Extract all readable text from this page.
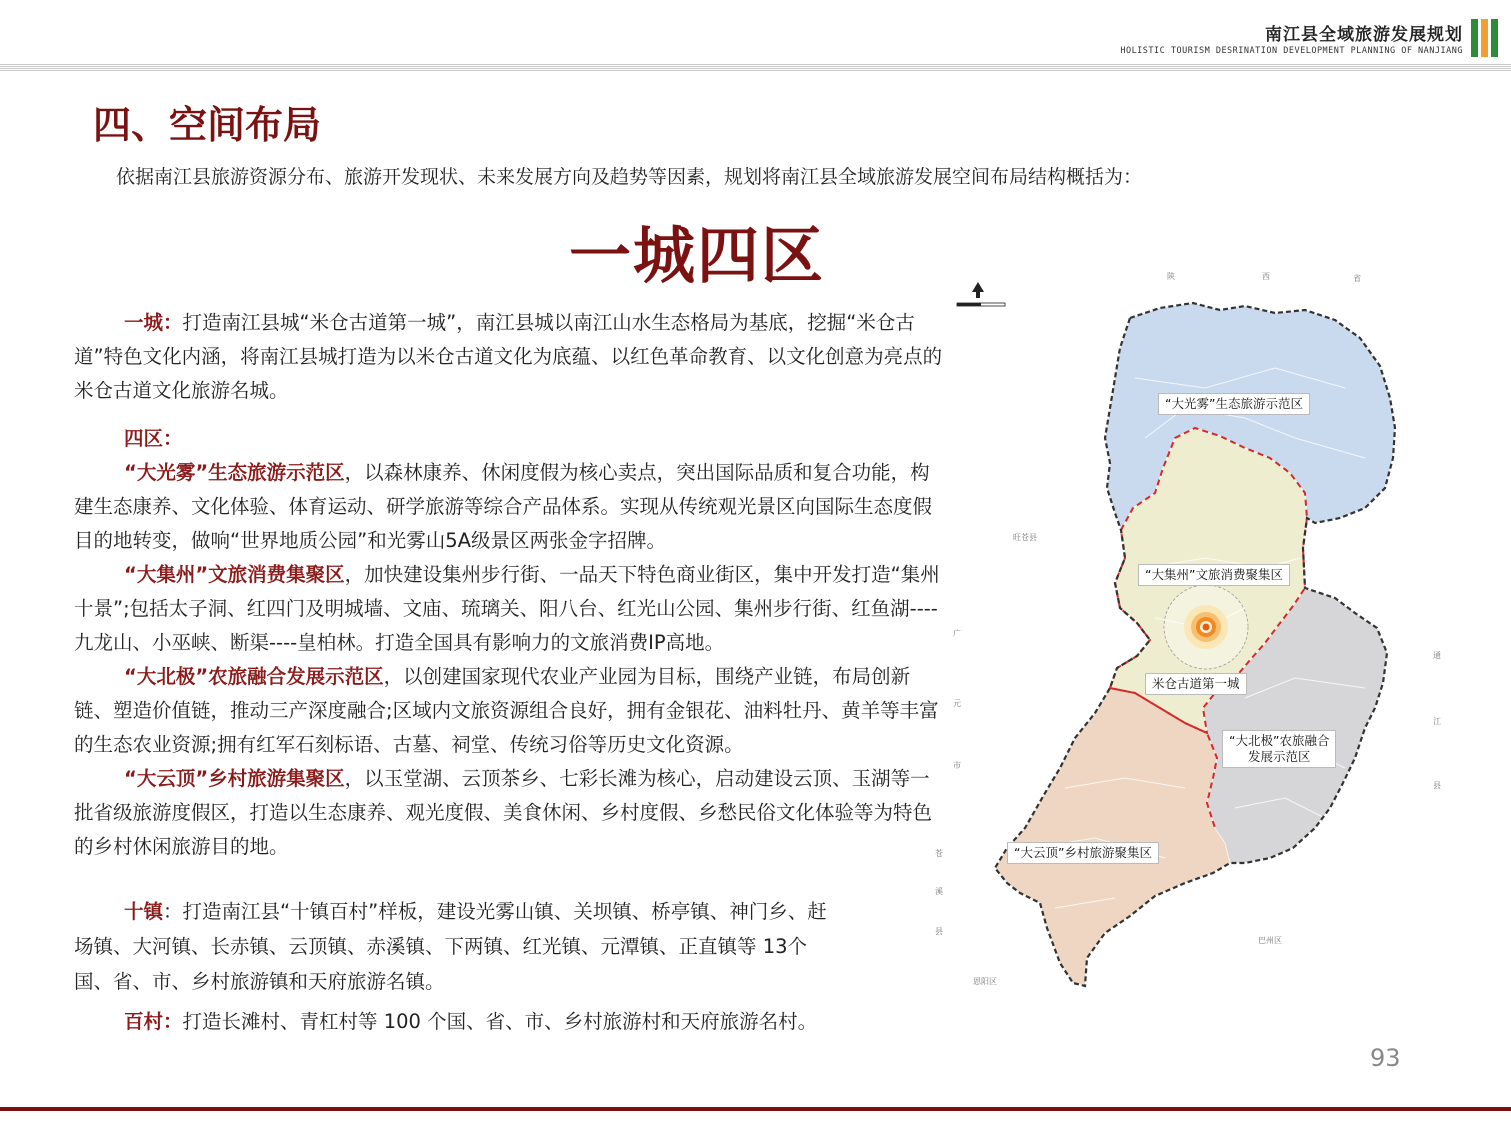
南江县全域旅游发展规划
HOLISTIC TOURISM DESRINATION DEVELOPMENT PLANNING OF NANJIANG
四、空间布局
依据南江县旅游资源分布、旅游开发现状、未来发展方向及趋势等因素，规划将南江县全域旅游发展空间布局结构概括为：
一城四区

一城：打造南江县城“米仓古道第一城”，南江县城以南江山水生态格局为基底，挖掘“米仓古道”特色文化内涵，将南江县城打造为以米仓古道文化为底蕴、以红色革命教育、以文化创意为亮点的米仓古道文化旅游名城。

四区：

“大光雾”生态旅游示范区，以森林康养、休闲度假为核心卖点，突出国际品质和复合功能，构建生态康养、文化体验、体育运动、研学旅游等综合产品体系。实现从传统观光景区向国际生态度假目的地转变，做响“世界地质公园”和光雾山5A级景区两张金字招牌。

“大集州”文旅消费集聚区，加快建设集州步行街、一品天下特色商业街区，集中开发打造“集州十景”;包括太子洞、红四门及明城墙、文庙、琉璃关、阳八台、红光山公园、集州步行街、红鱼湖----九龙山、小巫峡、断渠----皇柏林。打造全国具有影响力的文旅消费IP高地。

“大北极”农旅融合发展示范区，以创建国家现代农业产业园为目标，围绕产业链，布局创新链、塑造价值链，推动三产深度融合;区域内文旅资源组合良好，拥有金银花、油料牡丹、黄羊等丰富的生态农业资源;拥有红军石刻标语、古墓、祠堂、传统习俗等历史文化资源。

“大云顶”乡村旅游集聚区，以玉堂湖、云顶茶乡、七彩长滩为核心，启动建设云顶、玉湖等一批省级旅游度假区，打造以生态康养、观光度假、美食休闲、乡村度假、乡愁民俗文化体验等为特色的乡村休闲旅游目的地。

十镇：打造南江县“十镇百村”样板，建设光雾山镇、关坝镇、桥亭镇、神门乡、赶场镇、大河镇、长赤镇、云顶镇、赤溪镇、下两镇、红光镇、元潭镇、正直镇等 13个国、省、市、乡村旅游镇和天府旅游名镇。

百村：打造长滩村、青杠村等 100 个国、省、市、乡村旅游村和天府旅游名村。

93
陕	西	省
旺苍县
广
元
市
苍
溪
县
通
江
县
巴州区
恩阳区
“大光雾”生态旅游示范区
“大集州”文旅消费聚集区
米仓古道第一城
“大北极”农旅融合
发展示范区
“大云顶”乡村旅游聚集区
